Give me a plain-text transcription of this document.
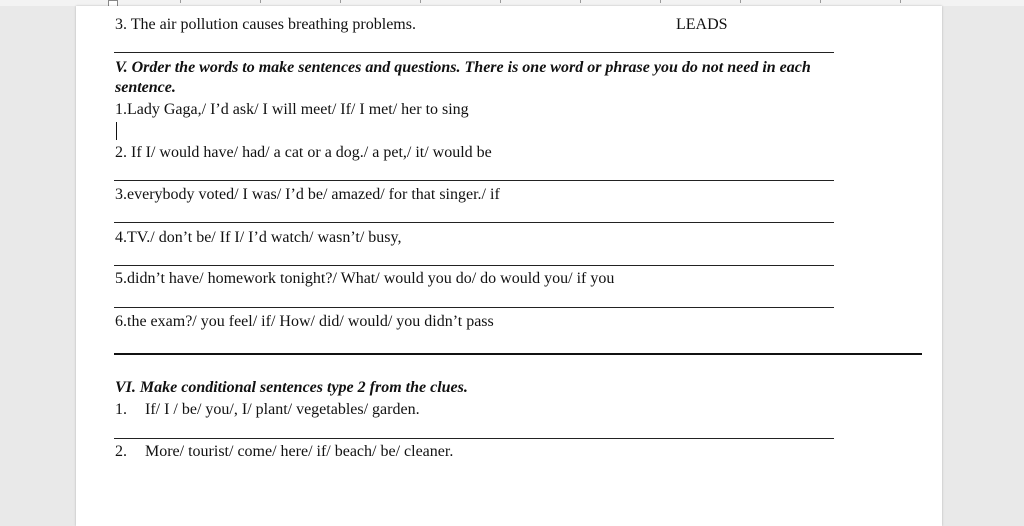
3. The air pollution causes breathing problems.	LEADS
V. Order the words to make sentences and questions. There is one word or phrase you do not need in each
sentence.
1.Lady Gaga,/ I’d ask/ I will meet/ If/ I met/ her to sing
2. If I/ would have/ had/ a cat or a dog./ a pet,/ it/ would be
3.everybody voted/ I was/ I’d be/ amazed/ for that singer./ if
4.TV./ don’t be/ If I/ I’d watch/ wasn’t/ busy,
5.didn’t have/ homework tonight?/ What/ would you do/ do would you/ if you
6.the exam?/ you feel/ if/ How/ did/ would/ you didn’t pass
VI. Make conditional sentences type 2 from the clues.
1. If/ I / be/ you/, I/ plant/ vegetables/ garden.
2. More/ tourist/ come/ here/ if/ beach/ be/ cleaner.
